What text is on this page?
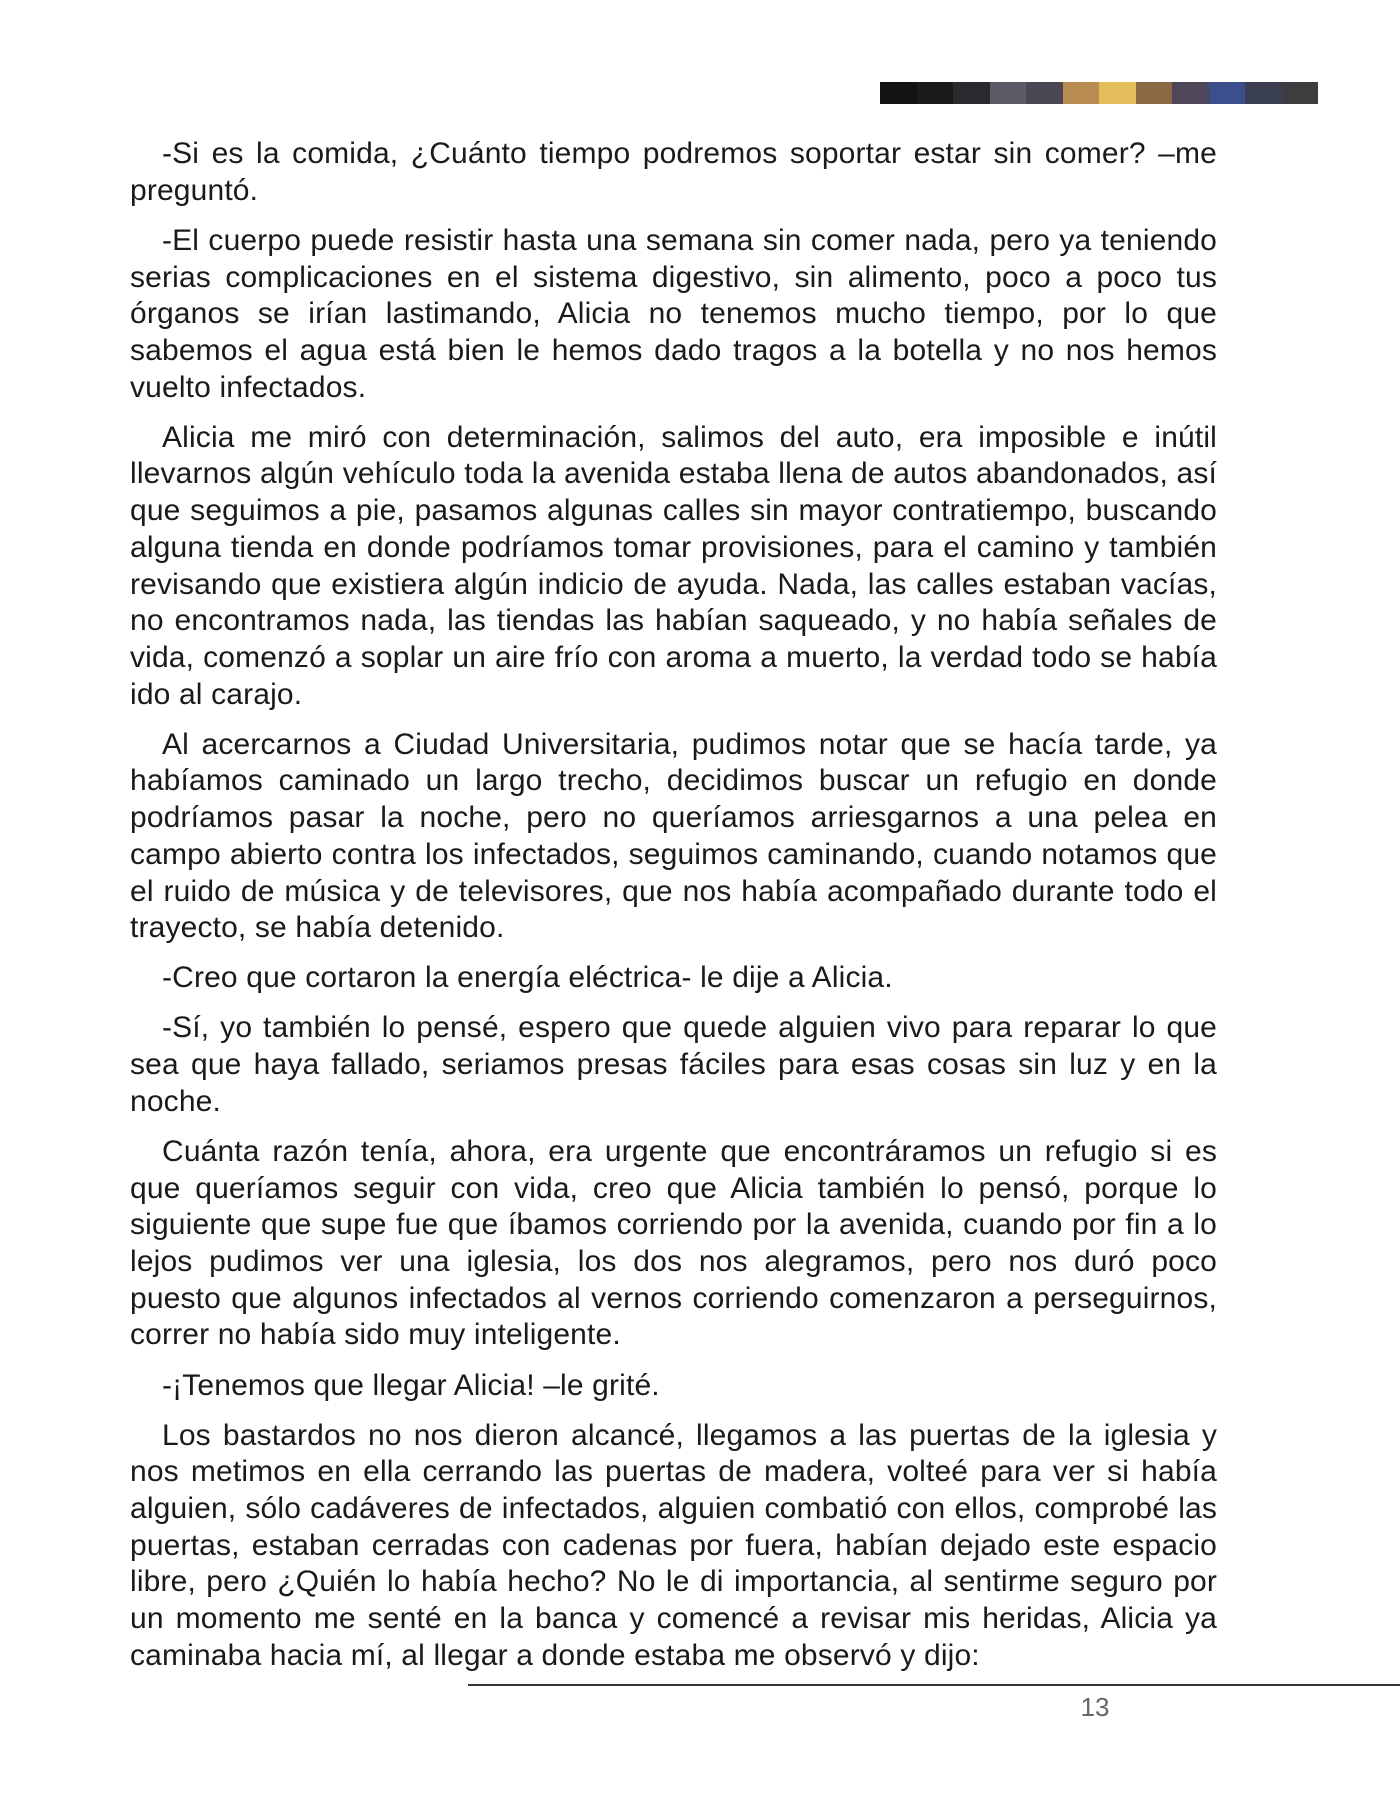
-Si es la comida, ¿Cuánto tiempo podremos soportar estar sin comer? –me preguntó.

-El cuerpo puede resistir hasta una semana sin comer nada, pero ya teniendo serias complicaciones en el sistema digestivo, sin alimento, poco a poco tus órganos se irían lastimando, Alicia no tenemos mucho tiempo, por lo que sabemos el agua está bien le hemos dado tragos a la botella y no nos hemos vuelto infectados.

Alicia me miró con determinación, salimos del auto, era imposible e inútil llevarnos algún vehículo toda la avenida estaba llena de autos abandonados, así que seguimos a pie, pasamos algunas calles sin mayor contratiempo, buscando alguna tienda en donde podríamos tomar provisiones, para el camino y también revisando que existiera algún indicio de ayuda. Nada, las calles estaban vacías, no encontramos nada, las tiendas las habían saqueado, y no había señales de vida, comenzó a soplar un aire frío con aroma a muerto, la verdad todo se había ido al carajo.

Al acercarnos a Ciudad Universitaria, pudimos notar que se hacía tarde, ya habíamos caminado un largo trecho, decidimos buscar un refugio en donde podríamos pasar la noche, pero no queríamos arriesgarnos a una pelea en campo abierto contra los infectados, seguimos caminando, cuando notamos que el ruido de música y de televisores, que nos había acompañado durante todo el trayecto, se había detenido.

-Creo que cortaron la energía eléctrica- le dije a Alicia.

-Sí, yo también lo pensé, espero que quede alguien vivo para reparar lo que sea que haya fallado, seriamos presas fáciles para esas cosas sin luz y en la noche.

Cuánta razón tenía, ahora, era urgente que encontráramos un refugio si es que queríamos seguir con vida, creo que Alicia también lo pensó, porque lo siguiente que supe fue que íbamos corriendo por la avenida, cuando por fin a lo lejos pudimos ver una iglesia, los dos nos alegramos, pero nos duró poco puesto que algunos infectados al vernos corriendo comenzaron a perseguirnos, correr no había sido muy inteligente.

-¡Tenemos que llegar Alicia! –le grité.

Los bastardos no nos dieron alcancé, llegamos a las puertas de la iglesia y nos metimos en ella cerrando las puertas de madera, volteé para ver si había alguien, sólo cadáveres de infectados, alguien combatió con ellos, comprobé las puertas, estaban cerradas con cadenas por fuera, habían dejado este espacio libre, pero ¿Quién lo había hecho? No le di importancia, al sentirme seguro por un momento me senté en la banca y comencé a revisar mis heridas, Alicia ya caminaba hacia mí, al llegar a donde estaba me observó y dijo:

13
